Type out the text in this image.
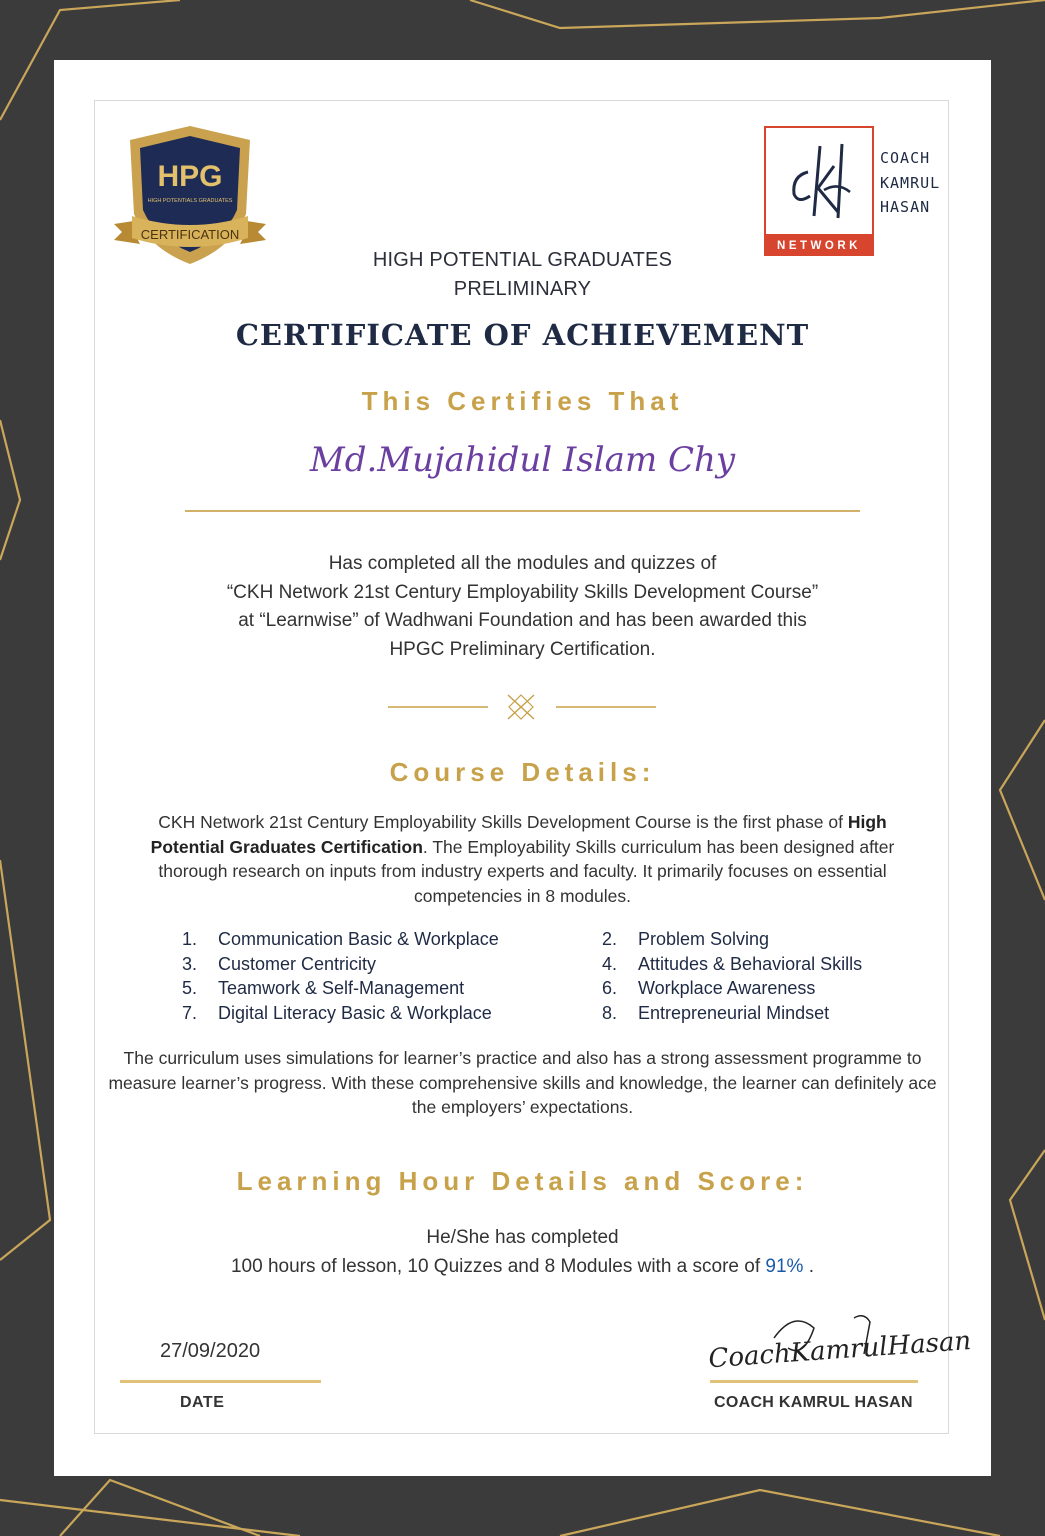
HPG
HIGH POTENTIALS GRADUATES
CERTIFICATION
NETWORK
COACH
KAMRUL
HASAN
HIGH POTENTIAL GRADUATES
PRELIMINARY
CERTIFICATE OF ACHIEVEMENT
This Certifies That
Md.Mujahidul Islam Chy
Has completed all the modules and quizzes of
“CKH Network 21st Century Employability Skills Development Course”
at “Learnwise” of Wadhwani Foundation and has been awarded this
HPGC Preliminary Certification.
Course Details:
CKH Network 21st Century Employability Skills Development Course is the first phase of High Potential Graduates Certification. The Employability Skills curriculum has been designed after thorough research on inputs from industry experts and faculty. It primarily focuses on essential competencies in 8 modules.
1.	Communication Basic & Workplace	2.	Problem Solving
3.	Customer Centricity	4.	Attitudes & Behavioral Skills
5.	Teamwork & Self-Management	6.	Workplace Awareness
7.	Digital Literacy Basic & Workplace	8.	Entrepreneurial Mindset
The curriculum uses simulations for learner’s practice and also has a strong assessment programme to measure learner’s progress. With these comprehensive skills and knowledge, the learner can definitely ace the employers’ expectations.
Learning Hour Details and Score:
He/She has completed
100 hours of lesson, 10 Quizzes and 8 Modules with a score of 91% .
27/09/2020
DATE
CoachKamrulHasan
COACH KAMRUL HASAN
